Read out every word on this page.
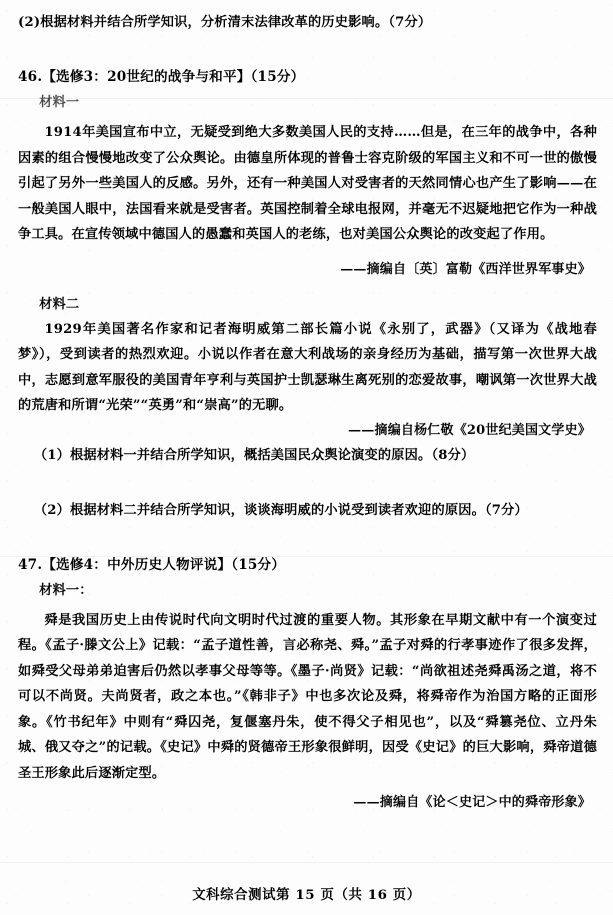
(2)根据材料并结合所学知识，分析清末法律改革的历史影响。（7分）

46.【选修3：20世纪的战争与和平】（15分）

材料一

1914年美国宣布中立，无疑受到绝大多数美国人民的支持……但是，在三年的战争中，各种因素的组合慢慢地改变了公众舆论。由德皇所体现的普鲁士容克阶级的军国主义和不可一世的傲慢引起了另外一些美国人的反感。另外，还有一种美国人对受害者的天然同情心也产生了影响——在一般美国人眼中，法国看来就是受害者。英国控制着全球电报网，并毫无不迟疑地把它作为一种战争工具。在宣传领域中德国人的愚蠢和英国人的老练，也对美国公众舆论的改变起了作用。

——摘编自〔英〕富勒《西洋世界军事史》

材料二

1929年美国著名作家和记者海明威第二部长篇小说《永别了，武器》（又译为《战地春梦》），受到读者的热烈欢迎。小说以作者在意大利战场的亲身经历为基础，描写第一次世界大战中，志愿到意军服役的美国青年亨利与英国护士凯瑟琳生离死别的恋爱故事，嘲讽第一次世界大战的荒唐和所谓“光荣”“英勇”和“崇高”的无聊。

——摘编自杨仁敬《20世纪美国文学史》

（1）根据材料一并结合所学知识，概括美国民众舆论演变的原因。（8分）

（2）根据材料二并结合所学知识，谈谈海明威的小说受到读者欢迎的原因。（7分）

47.【选修4：中外历史人物评说】（15分）

材料一：

舜是我国历史上由传说时代向文明时代过渡的重要人物。其形象在早期文献中有一个演变过程。《孟子·滕文公上》记载：“孟子道性善，言必称尧、舜。”孟子对舜的行孝事迹作了很多发挥，如舜受父母弟弟迫害后仍然以孝事父母等等。《墨子·尚贤》记载：“尚欲祖述尧舜禹汤之道，将不可以不尚贤。夫尚贤者，政之本也。”《韩非子》中也多次论及舜，将舜帝作为治国方略的正面形象。《竹书纪年》中则有“舜囚尧，复偃塞丹朱，使不得父子相见也”，以及“舜篡尧位、立丹朱城、俄又夺之”的记载。《史记》中舜的贤德帝王形象很鲜明，因受《史记》的巨大影响，舜帝道德圣王形象此后逐渐定型。

——摘编自《论＜史记＞中的舜帝形象》

文科综合测试第 15 页（共 16 页）
